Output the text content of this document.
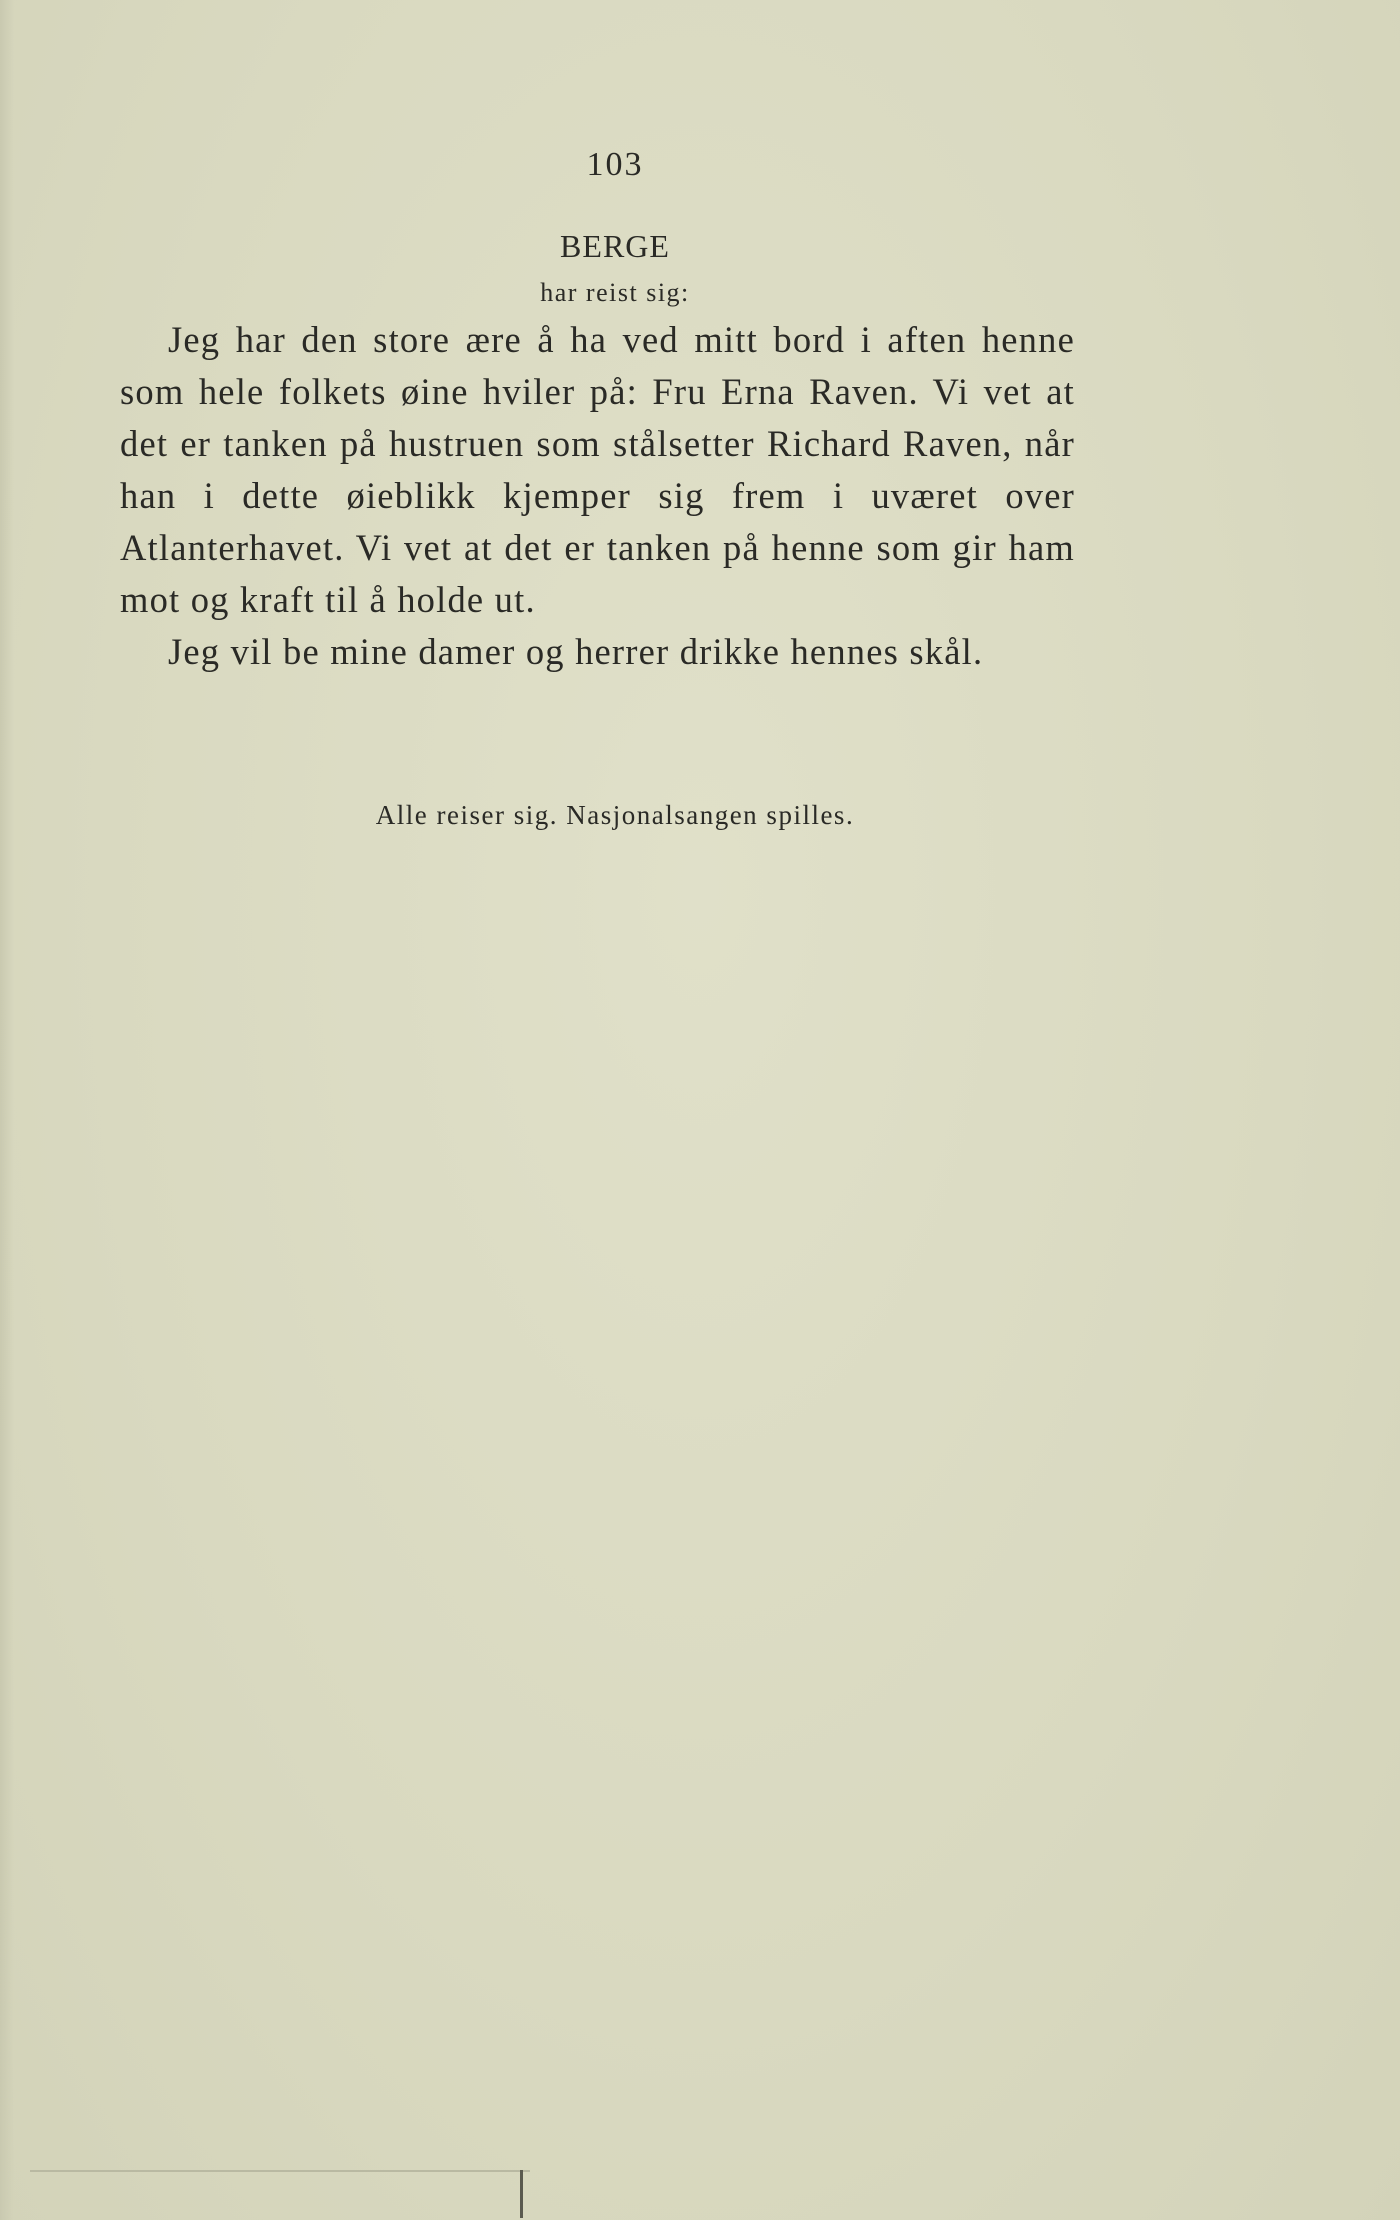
103
BERGE
har reist sig:

Jeg har den store ære å ha ved mitt bord i aften henne som hele folkets øine hviler på: Fru Erna Raven. Vi vet at det er tanken på hustruen som stålsetter Richard Raven, når han i dette øieblikk kjemper sig frem i uværet over Atlanterhavet. Vi vet at det er tanken på henne som gir ham mot og kraft til å holde ut.

Jeg vil be mine damer og herrer drikke hennes skål.

Alle reiser sig. Nasjonalsangen spilles.
